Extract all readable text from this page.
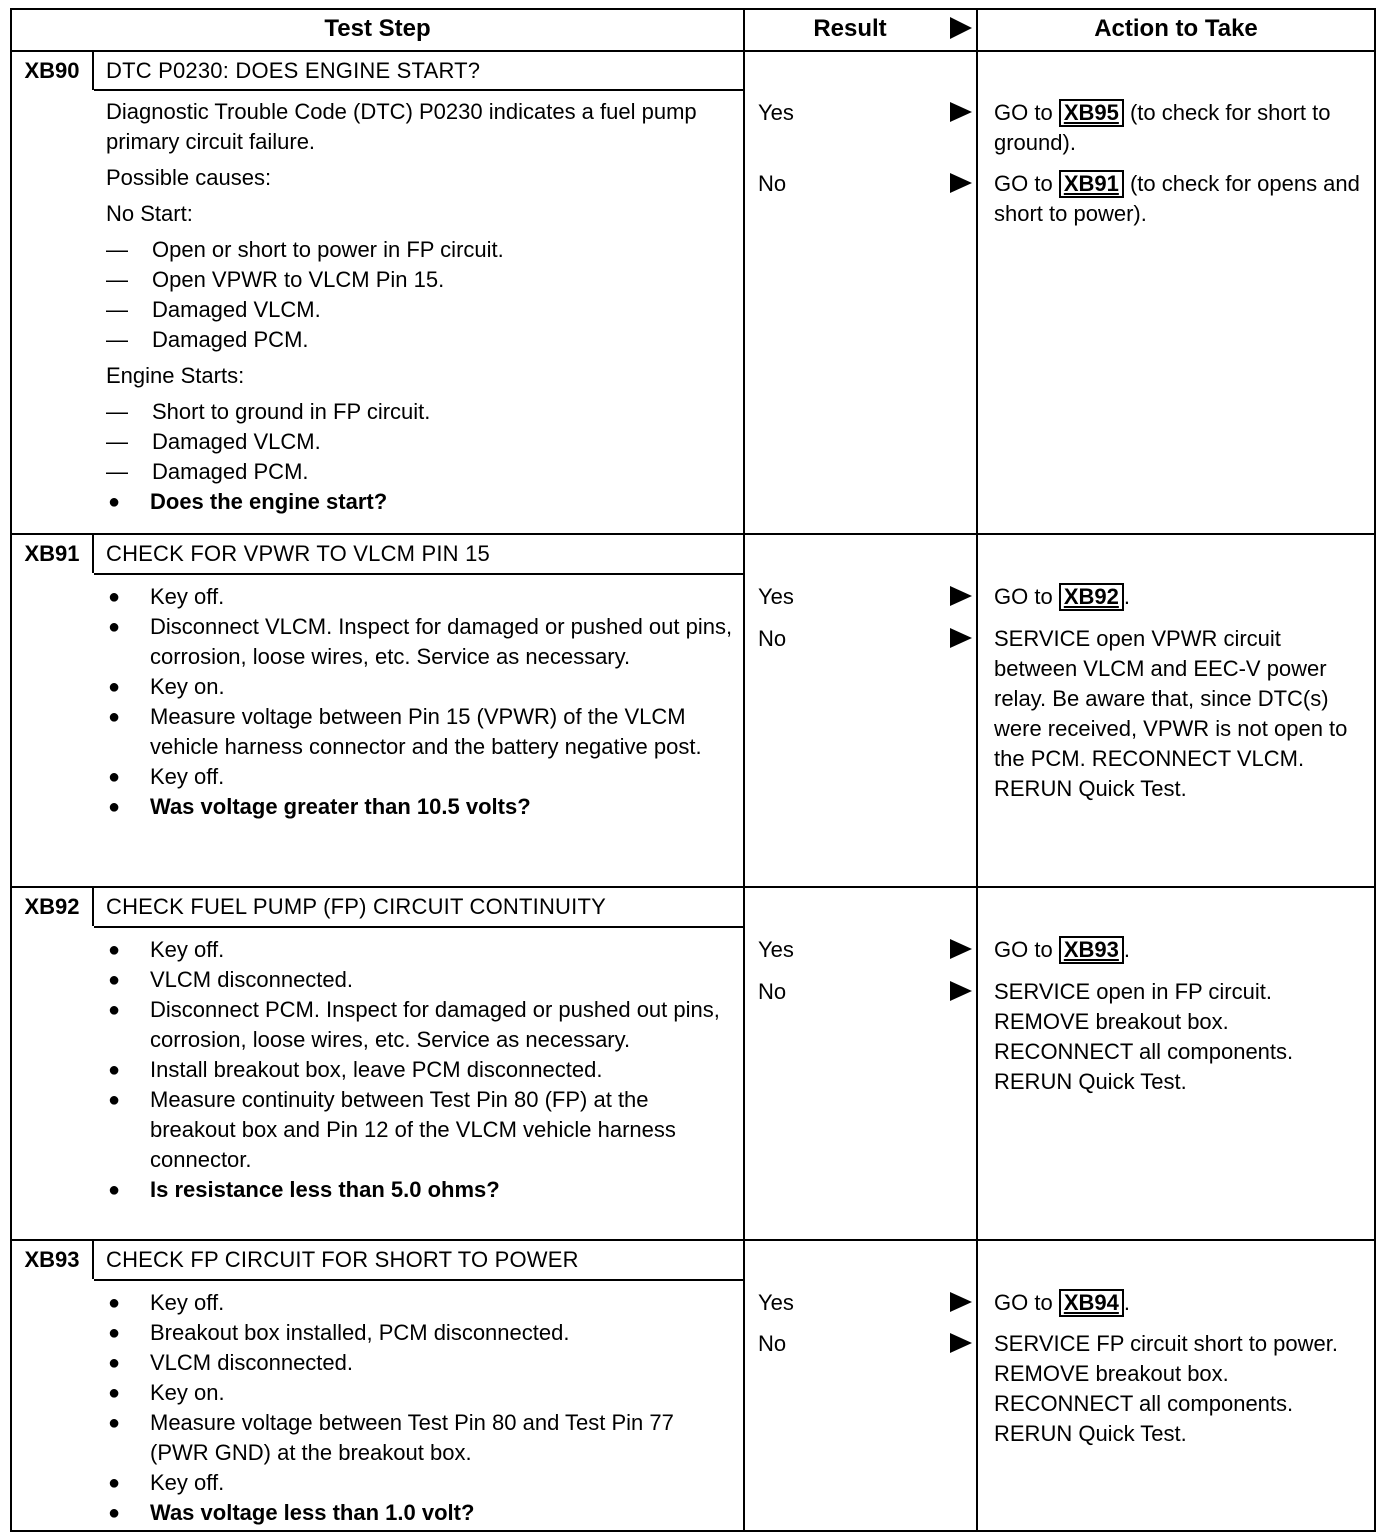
Test Step	Result	Action to Take
XB90	DTC P0230: DOES ENGINE START?

Diagnostic Trouble Code (DTC) P0230 indicates a fuel pump primary circuit failure.

Possible causes:

No Start:

—	Open or short to power in FP circuit.
—	Open VPWR to VLCM Pin 15.
—	Damaged VLCM.
—	Damaged PCM.

Engine Starts:

—	Short to ground in FP circuit.
—	Damaged VLCM.
—	Damaged PCM.
●	Does the engine start?
Yes	GO to XB95 (to check for short to ground).
No	GO to XB91 (to check for opens and short to power).
XB91	CHECK FOR VPWR TO VLCM PIN 15
●	Key off.
●	Disconnect VLCM. Inspect for damaged or pushed out pins, corrosion, loose wires, etc. Service as necessary.
●	Key on.
●	Measure voltage between Pin 15 (VPWR) of the VLCM vehicle harness connector and the battery negative post.
●	Key off.
●	Was voltage greater than 10.5 volts?
Yes	GO to XB92 .
No	SERVICE open VPWR circuit between VLCM and EEC-V power relay. Be aware that, since DTC(s) were received, VPWR is not open to the PCM. RECONNECT VLCM. RERUN Quick Test.
XB92	CHECK FUEL PUMP (FP) CIRCUIT CONTINUITY
●	Key off.
●	VLCM disconnected.
●	Disconnect PCM. Inspect for damaged or pushed out pins, corrosion, loose wires, etc. Service as necessary.
●	Install breakout box, leave PCM disconnected.
●	Measure continuity between Test Pin 80 (FP) at the breakout box and Pin 12 of the VLCM vehicle harness connector.
●	Is resistance less than 5.0 ohms?
Yes	GO to XB93 .
No	SERVICE open in FP circuit. REMOVE breakout box. RECONNECT all components. RERUN Quick Test.
XB93	CHECK FP CIRCUIT FOR SHORT TO POWER
●	Key off.
●	Breakout box installed, PCM disconnected.
●	VLCM disconnected.
●	Key on.
●	Measure voltage between Test Pin 80 and Test Pin 77 (PWR GND) at the breakout box.
●	Key off.
●	Was voltage less than 1.0 volt?
Yes	GO to XB94 .
No	SERVICE FP circuit short to power. REMOVE breakout box. RECONNECT all components. RERUN Quick Test.
